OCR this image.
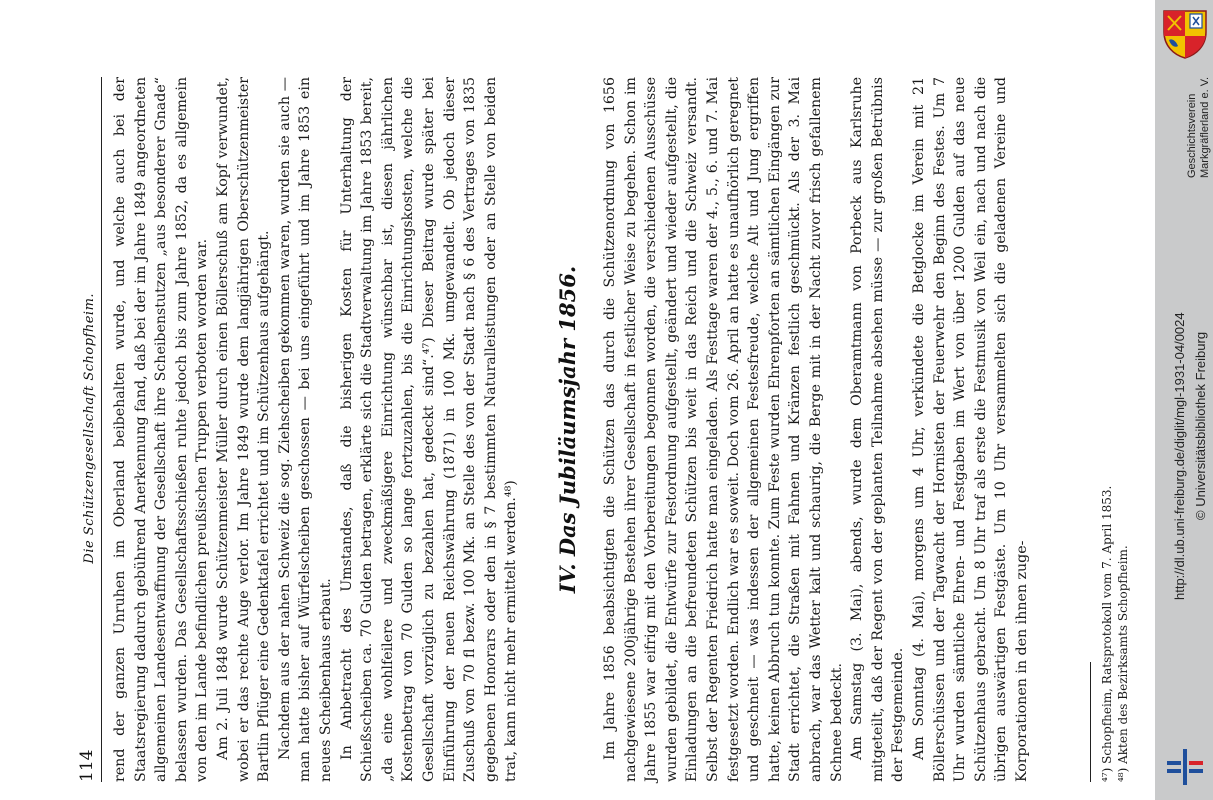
114
Die Schützengesellschaft Schopfheim. rend der ganzen Unruhen im Oberland beibehalten wurde, und welche auch bei der Staatsregierung dadurch gebührend Anerkennung fand, daß bei der im Jahre 1849 angeordneten allgemeinen Landesentwaffnung der Gesellschaft ihre Scheibenstutzen „aus besonderer Gnade“ belassen wurden. Das Gesellschaftsschießen ruhte jedoch bis zum Jahre 1852, da es allgemein von den im Lande befindlichen preußischen Truppen verboten worden war. Am 2. Juli 1848 wurde Schützenmeister Müller durch einen Böllerschuß am Kopf verwundet, wobei er das rechte Auge verlor. Im Jahre 1849 wurde dem langjährigen Oberschützenmeister Bartlin Pflüger eine Gedenktafel errichtet und im Schützenhaus aufgehängt. Nachdem aus der nahen Schweiz die sog. Ziehscheiben gekommen waren, wurden sie auch — man hatte bisher auf Würfelscheiben geschossen — bei uns eingeführt und im Jahre 1853 ein neues Scheibenhaus erbaut. In Anbetracht des Umstandes, daß die bisherigen Kosten für Unterhaltung der Schießscheiben ca. 70 Gulden betragen, erklärte sich die Stadtverwaltung im Jahre 1853 bereit, „da eine wohlfeilere und zweckmäßigere Einrichtung wünschbar ist, diesen jährlichen Kostenbetrag von 70 Gulden so lange fortzuzahlen, bis die Einrichtungskosten, welche die Gesellschaft vorzüglich zu bezahlen hat, gedeckt sind“.⁴⁷) Dieser Beitrag wurde später bei Einführung der neuen Reichswährung (1871) in 100 Mk. umgewandelt. Ob jedoch dieser Zuschuß von 70 fl bezw. 100 Mk. an Stelle des von der Stadt nach § 6 des Vertrages von 1835 gegebenen Honorars oder den in § 7 bestimmten Naturalleistungen oder an Stelle von beiden trat, kann nicht mehr ermittelt werden.⁴⁸)

IV. Das Jubiläumsjahr 1856.	Im Jahre 1856 beabsichtigten die Schützen das durch die Schützenordnung von 1656 nachgewiesene 200jährige Bestehen ihrer Gesellschaft in festlicher Weise zu begehen. Schon im Jahre 1855 war eifrig mit den Vorbereitungen begonnen worden, die verschiedenen Ausschüsse wurden gebildet, die Entwürfe zur Festordnung aufgestellt, geändert und wieder aufgestellt, die Einladungen an die befreundeten Schützen bis weit in das Reich und die Schweiz versandt. Selbst der Regenten Friedrich hatte man eingeladen. Als Festtage waren der 4., 5., 6. und 7. Mai festgesetzt worden. Endlich war es soweit. Doch vom 26. April an hatte es unaufhörlich geregnet und geschneit — was indessen der allgemeinen Festesfreude, welche Alt und Jung ergriffen hatte, keinen Abbruch tun konnte. Zum Feste wurden Ehrenpforten an sämtlichen Eingängen zur Stadt errichtet, die Straßen mit Fahnen und Kränzen festlich geschmückt. Als der 3. Mai anbrach, war das Wetter kalt und schaurig, die Berge mit in der Nacht zuvor frisch gefallenem Schnee bedeckt. Am Samstag (3. Mai), abends, wurde dem Oberamtmann von Porbeck aus Karlsruhe mitgeteilt, daß der Regent von der geplanten Teilnahme absehen müsse — zur großen Betrübnis der Festgemeinde. Am Sonntag (4. Mai), morgens um 4 Uhr, verkündete die Betglocke im Verein mit 21 Böllerschüssen und der Tagwacht der Hornisten der Feuerwehr den Beginn des Festes. Um 7 Uhr wurden sämtliche Ehren- und Festgaben im Wert von über 1200 Gulden auf das neue Schützenhaus gebracht. Um 8 Uhr traf als erste die Festmusik von Weil ein, nach und nach die übrigen auswärtigen Festgäste. Um 10 Uhr versammelten sich die geladenen Vereine und Korporationen in den ihnen zuge-	⁴⁷) Schopfheim, Ratsprotokoll vom 7. April 1853. ⁴⁸) Akten des Bezirksamts Schopfheim.
Geschichtsverein Markgräflerland e. V.
http://dl.ub.uni-freiburg.de/diglit/mgl-1931-04/0024 © Universitätsbibliothek Freiburg
